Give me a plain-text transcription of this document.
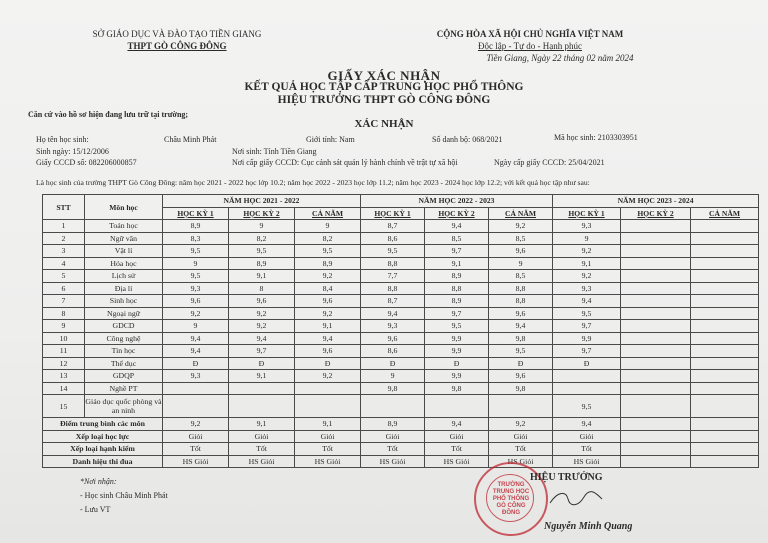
SỞ GIÁO DỤC VÀ ĐÀO TẠO TIỀN GIANG
THPT GÒ CÔNG ĐÔNG
CỘNG HÒA XÃ HỘI CHỦ NGHĨA VIỆT NAM
Độc lập - Tự do - Hạnh phúc
Tiền Giang, Ngày 22 tháng 02 năm 2024
GIẤY XÁC NHẬN
KẾT QUẢ HỌC TẬP CẤP TRUNG HỌC PHỔ THÔNG
HIỆU TRƯỞNG THPT GÒ CÔNG ĐÔNG
Căn cứ vào hồ sơ hiện đang lưu trữ tại trường;
XÁC NHẬN
Họ tên học sinh:	Châu Minh Phát	Giới tính: Nam	Số danh bộ: 068/2021	Mã học sinh: 2103303951
Sinh ngày: 15/12/2006	Nơi sinh: Tỉnh Tiền Giang
Giấy CCCD số: 082206000857	Nơi cấp giấy CCCD: Cục cảnh sát quản lý hành chính về trật tự xã hội	Ngày cấp giấy CCCD: 25/04/2021
Là học sinh của trường THPT Gò Công Đông: năm học 2021 - 2022 học lớp 10.2; năm học 2022 - 2023 học lớp 11.2; năm học 2023 - 2024 học lớp 12.2; với kết quả học tập như sau:
STT	Môn học	NĂM HỌC 2021 - 2022			NĂM HỌC 2022 - 2023			NĂM HỌC 2023 - 2024		
		HỌC KỲ 1	HỌC KỲ 2	CẢ NĂM	HỌC KỲ 1	HỌC KỲ 2	CẢ NĂM	HỌC KỲ 1	HỌC KỲ 2	CẢ NĂM
1	Toán học	8,9	9	9	8,7	9,4	9,2	9,3		
2	Ngữ văn	8,3	8,2	8,2	8,6	8,5	8,5	9		
3	Vật lí	9,5	9,5	9,5	9,5	9,7	9,6	9,2		
4	Hóa học	9	8,9	8,9	8,8	9,1	9	9,1		
5	Lịch sử	9,5	9,1	9,2	7,7	8,9	8,5	9,2		
6	Địa lí	9,3	8	8,4	8,8	8,8	8,8	9,3		
7	Sinh học	9,6	9,6	9,6	8,7	8,9	8,8	9,4		
8	Ngoại ngữ	9,2	9,2	9,2	9,4	9,7	9,6	9,5		
9	GDCD	9	9,2	9,1	9,3	9,5	9,4	9,7		
10	Công nghệ	9,4	9,4	9,4	9,6	9,9	9,8	9,9		
11	Tin học	9,4	9,7	9,6	8,6	9,9	9,5	9,7		
12	Thể dục	Đ	Đ	Đ	Đ	Đ	Đ	Đ		
13	GDQP	9,3	9,1	9,2	9	9,9	9,6			
14	Nghề PT				9,8	9,8	9,8			
15	Giáo dục quốc phòng và an ninh							9,5		
Điểm trung bình các môn		9,2	9,1	9,1	8,9	9,4	9,2	9,4		
Xếp loại học lực		Giỏi	Giỏi	Giỏi	Giỏi	Giỏi	Giỏi	Giỏi		
Xếp loại hạnh kiểm		Tốt	Tốt	Tốt	Tốt	Tốt	Tốt	Tốt		
Danh hiệu thi đua		HS Giỏi	HS Giỏi	HS Giỏi	HS Giỏi	HS Giỏi	HS Giỏi	HS Giỏi		
*Nơi nhận:
- Học sinh Châu Minh Phát
- Lưu VT
TRƯỜNG TRUNG HỌC PHỔ THÔNG GÒ CÔNG ĐÔNG
HIỆU TRƯỞNG
Nguyễn Minh Quang
